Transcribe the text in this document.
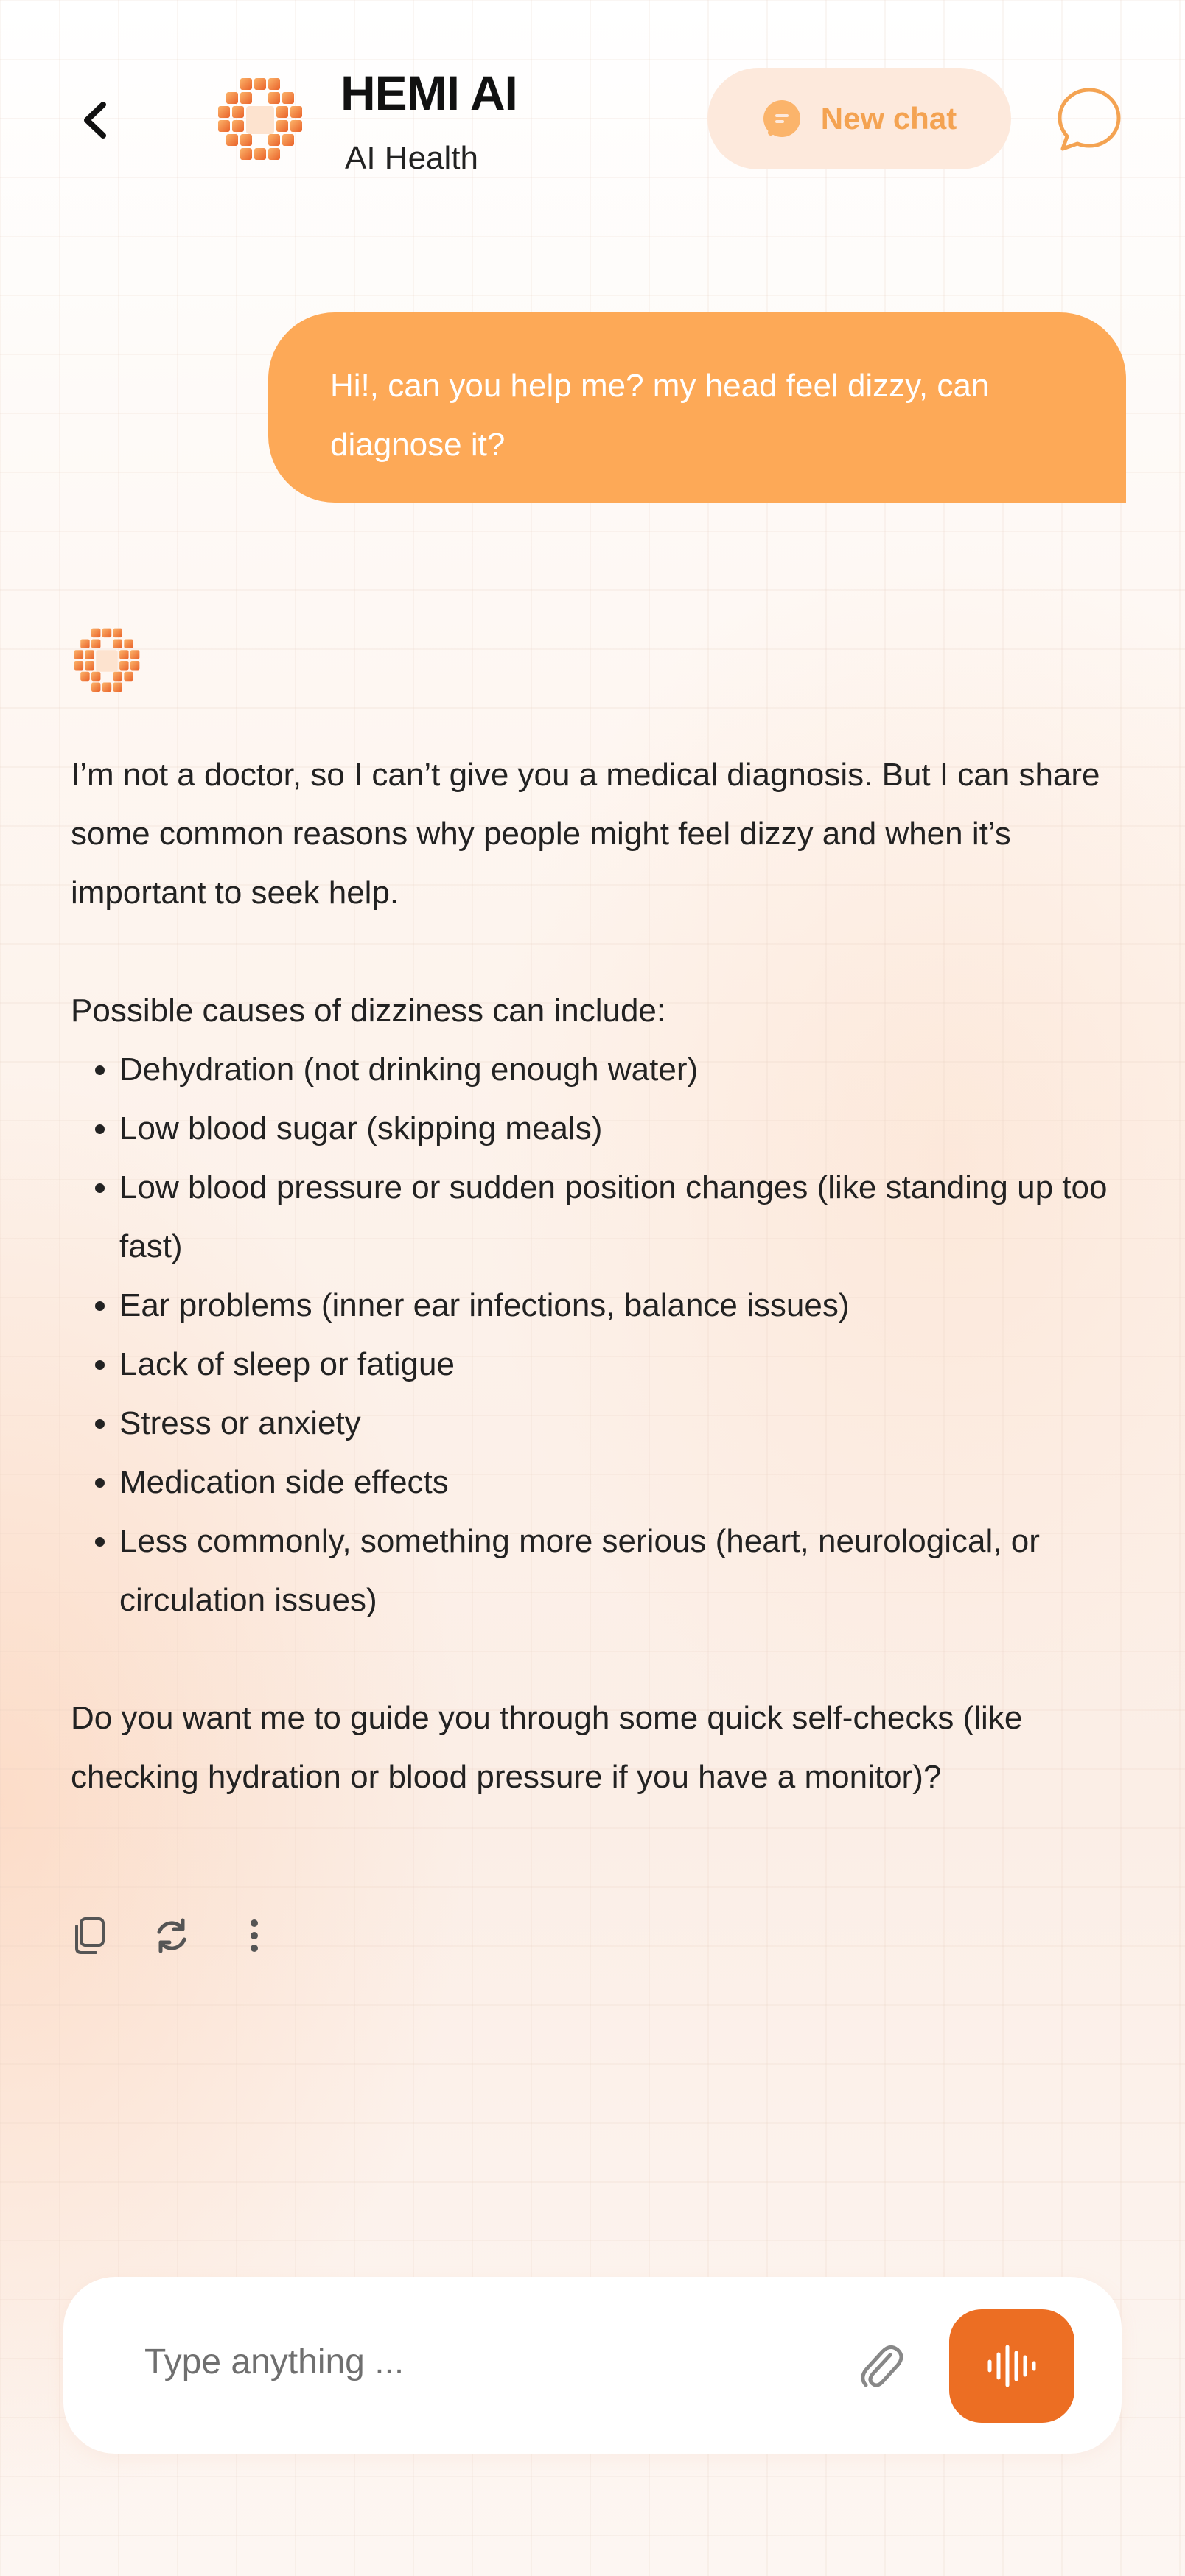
HEMI AI
AI Health
New chat
Hi!, can you help me? my head feel dizzy, can diagnose it?

I’m not a doctor, so I can’t give you a medical diagnosis. But I can share some common reasons why people might feel dizzy and when it’s important to seek help.

Possible causes of dizziness can include:

• Dehydration (not drinking enough water)
• Low blood sugar (skipping meals)
• Low blood pressure or sudden position changes (like standing up too fast)
• Ear problems (inner ear infections, balance issues)
• Lack of sleep or fatigue
• Stress or anxiety
• Medication side effects
• Less commonly, something more serious (heart, neurological, or circulation issues)

Do you want me to guide you through some quick self-checks (like checking hydration or blood pressure if you have a monitor)?

Type anything ...
